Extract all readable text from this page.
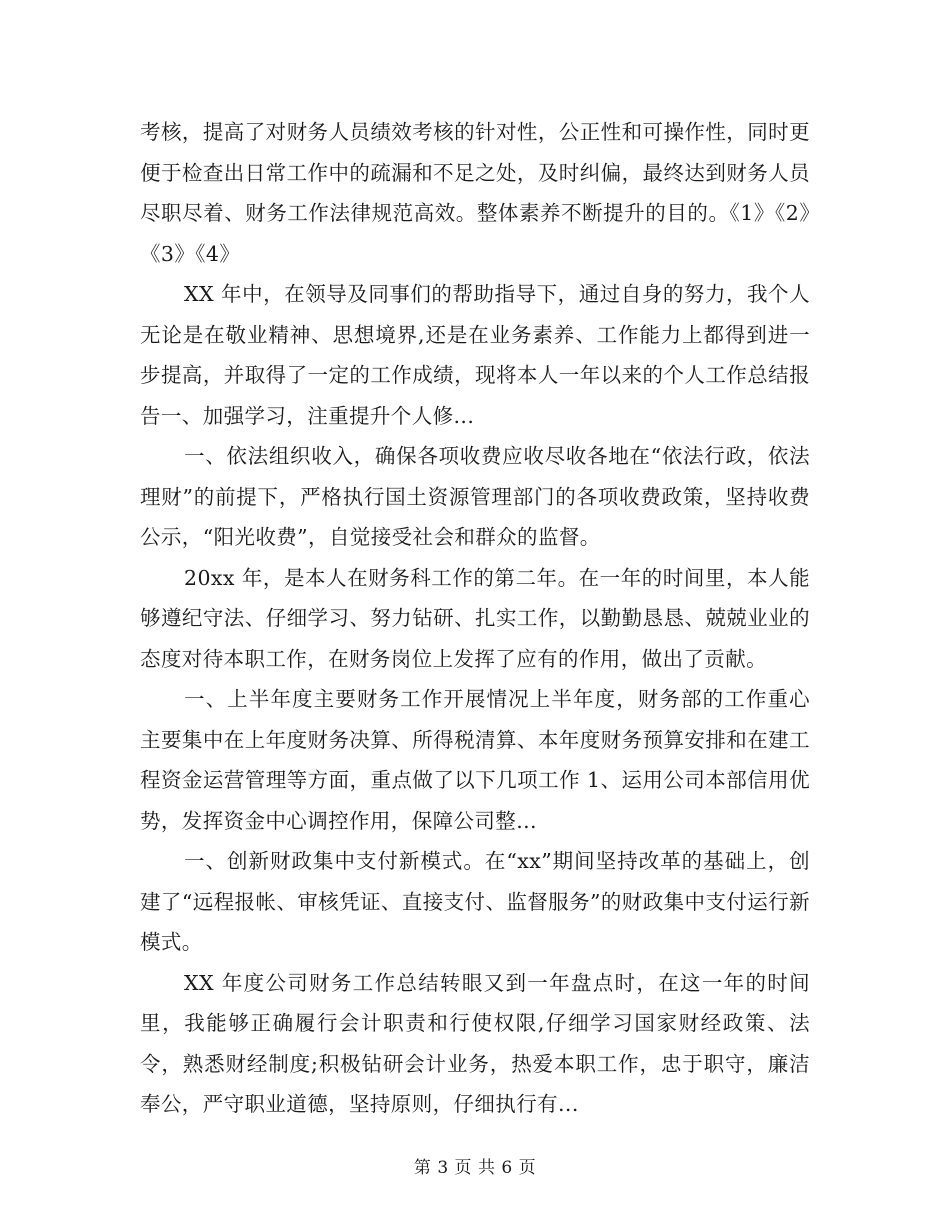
考核，提高了对财务人员绩效考核的针对性，公正性和可操作性，同时更便于检查出日常工作中的疏漏和不足之处，及时纠偏，最终达到财务人员尽职尽着、财务工作法律规范高效。整体素养不断提升的目的。《1》《2》《3》《4》

XX 年中，在领导及同事们的帮助指导下，通过自身的努力，我个人无论是在敬业精神、思想境界,还是在业务素养、工作能力上都得到进一步提高，并取得了一定的工作成绩，现将本人一年以来的个人工作总结报告一、加强学习，注重提升个人修...

一、依法组织收入，确保各项收费应收尽收各地在“依法行政，依法理财”的前提下，严格执行国土资源管理部门的各项收费政策，坚持收费公示，“阳光收费”，自觉接受社会和群众的监督。

20xx 年，是本人在财务科工作的第二年。在一年的时间里，本人能够遵纪守法、仔细学习、努力钻研、扎实工作，以勤勤恳恳、兢兢业业的态度对待本职工作，在财务岗位上发挥了应有的作用，做出了贡献。

一、上半年度主要财务工作开展情况上半年度，财务部的工作重心主要集中在上年度财务决算、所得税清算、本年度财务预算安排和在建工程资金运营管理等方面，重点做了以下几项工作 1、运用公司本部信用优势，发挥资金中心调控作用，保障公司整...

一、创新财政集中支付新模式。在“xx”期间坚持改革的基础上，创建了“远程报帐、审核凭证、直接支付、监督服务”的财政集中支付运行新模式。

XX 年度公司财务工作总结转眼又到一年盘点时，在这一年的时间里，我能够正确履行会计职责和行使权限,仔细学习国家财经政策、法令，熟悉财经制度;积极钻研会计业务，热爱本职工作，忠于职守，廉洁奉公，严守职业道德，坚持原则，仔细执行有...

第 3 页 共 6 页
